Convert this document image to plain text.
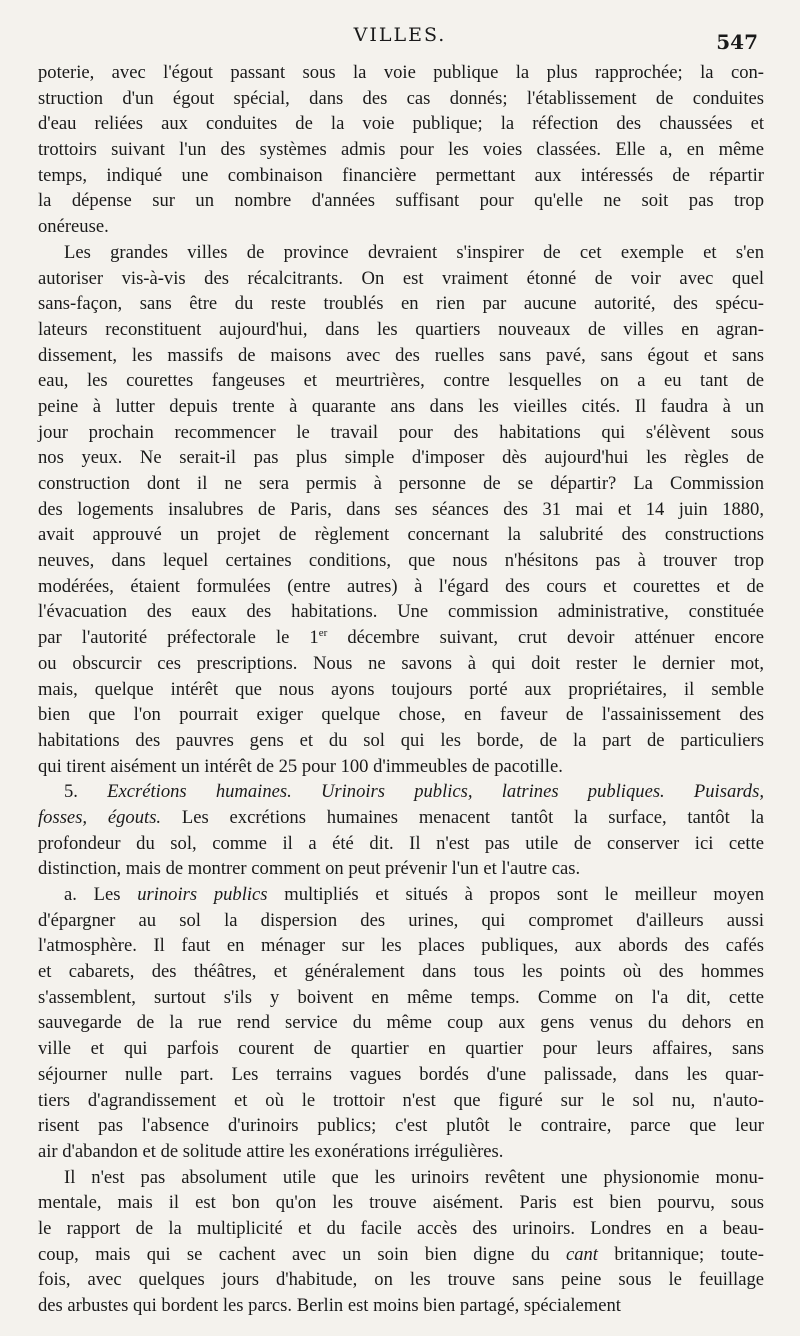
VILLES.	547
poterie, avec l'égout passant sous la voie publique la plus rapprochée; la con-
struction d'un égout spécial, dans des cas donnés; l'établissement de conduites
d'eau reliées aux conduites de la voie publique; la réfection des chaussées et
trottoirs suivant l'un des systèmes admis pour les voies classées. Elle a, en même
temps, indiqué une combinaison financière permettant aux intéressés de répartir
la dépense sur un nombre d'années suffisant pour qu'elle ne soit pas trop
onéreuse.
Les grandes villes de province devraient s'inspirer de cet exemple et s'en
autoriser vis-à-vis des récalcitrants. On est vraiment étonné de voir avec quel
sans-façon, sans être du reste troublés en rien par aucune autorité, des spécu-
lateurs reconstituent aujourd'hui, dans les quartiers nouveaux de villes en agran-
dissement, les massifs de maisons avec des ruelles sans pavé, sans égout et sans
eau, les courettes fangeuses et meurtrières, contre lesquelles on a eu tant de
peine à lutter depuis trente à quarante ans dans les vieilles cités. Il faudra à un
jour prochain recommencer le travail pour des habitations qui s'élèvent sous
nos yeux. Ne serait-il pas plus simple d'imposer dès aujourd'hui les règles de
construction dont il ne sera permis à personne de se départir? La Commission
des logements insalubres de Paris, dans ses séances des 31 mai et 14 juin 1880,
avait approuvé un projet de règlement concernant la salubrité des constructions
neuves, dans lequel certaines conditions, que nous n'hésitons pas à trouver trop
modérées, étaient formulées (entre autres) à l'égard des cours et courettes et de
l'évacuation des eaux des habitations. Une commission administrative, constituée
par l'autorité préfectorale le 1er décembre suivant, crut devoir atténuer encore
ou obscurcir ces prescriptions. Nous ne savons à qui doit rester le dernier mot,
mais, quelque intérêt que nous ayons toujours porté aux propriétaires, il semble
bien que l'on pourrait exiger quelque chose, en faveur de l'assainissement des
habitations des pauvres gens et du sol qui les borde, de la part de particuliers
qui tirent aisément un intérêt de 25 pour 100 d'immeubles de pacotille.
5. Excrétions humaines. Urinoirs publics, latrines publiques. Puisards,
fosses, égouts. Les excrétions humaines menacent tantôt la surface, tantôt la
profondeur du sol, comme il a été dit. Il n'est pas utile de conserver ici cette
distinction, mais de montrer comment on peut prévenir l'un et l'autre cas.
a. Les urinoirs publics multipliés et situés à propos sont le meilleur moyen
d'épargner au sol la dispersion des urines, qui compromet d'ailleurs aussi
l'atmosphère. Il faut en ménager sur les places publiques, aux abords des cafés
et cabarets, des théâtres, et généralement dans tous les points où des hommes
s'assemblent, surtout s'ils y boivent en même temps. Comme on l'a dit, cette
sauvegarde de la rue rend service du même coup aux gens venus du dehors en
ville et qui parfois courent de quartier en quartier pour leurs affaires, sans
séjourner nulle part. Les terrains vagues bordés d'une palissade, dans les quar-
tiers d'agrandissement et où le trottoir n'est que figuré sur le sol nu, n'auto-
risent pas l'absence d'urinoirs publics; c'est plutôt le contraire, parce que leur
air d'abandon et de solitude attire les exonérations irrégulières.
Il n'est pas absolument utile que les urinoirs revêtent une physionomie monu-
mentale, mais il est bon qu'on les trouve aisément. Paris est bien pourvu, sous
le rapport de la multiplicité et du facile accès des urinoirs. Londres en a beau-
coup, mais qui se cachent avec un soin bien digne du cant britannique; toute-
fois, avec quelques jours d'habitude, on les trouve sans peine sous le feuillage
des arbustes qui bordent les parcs. Berlin est moins bien partagé, spécialement
